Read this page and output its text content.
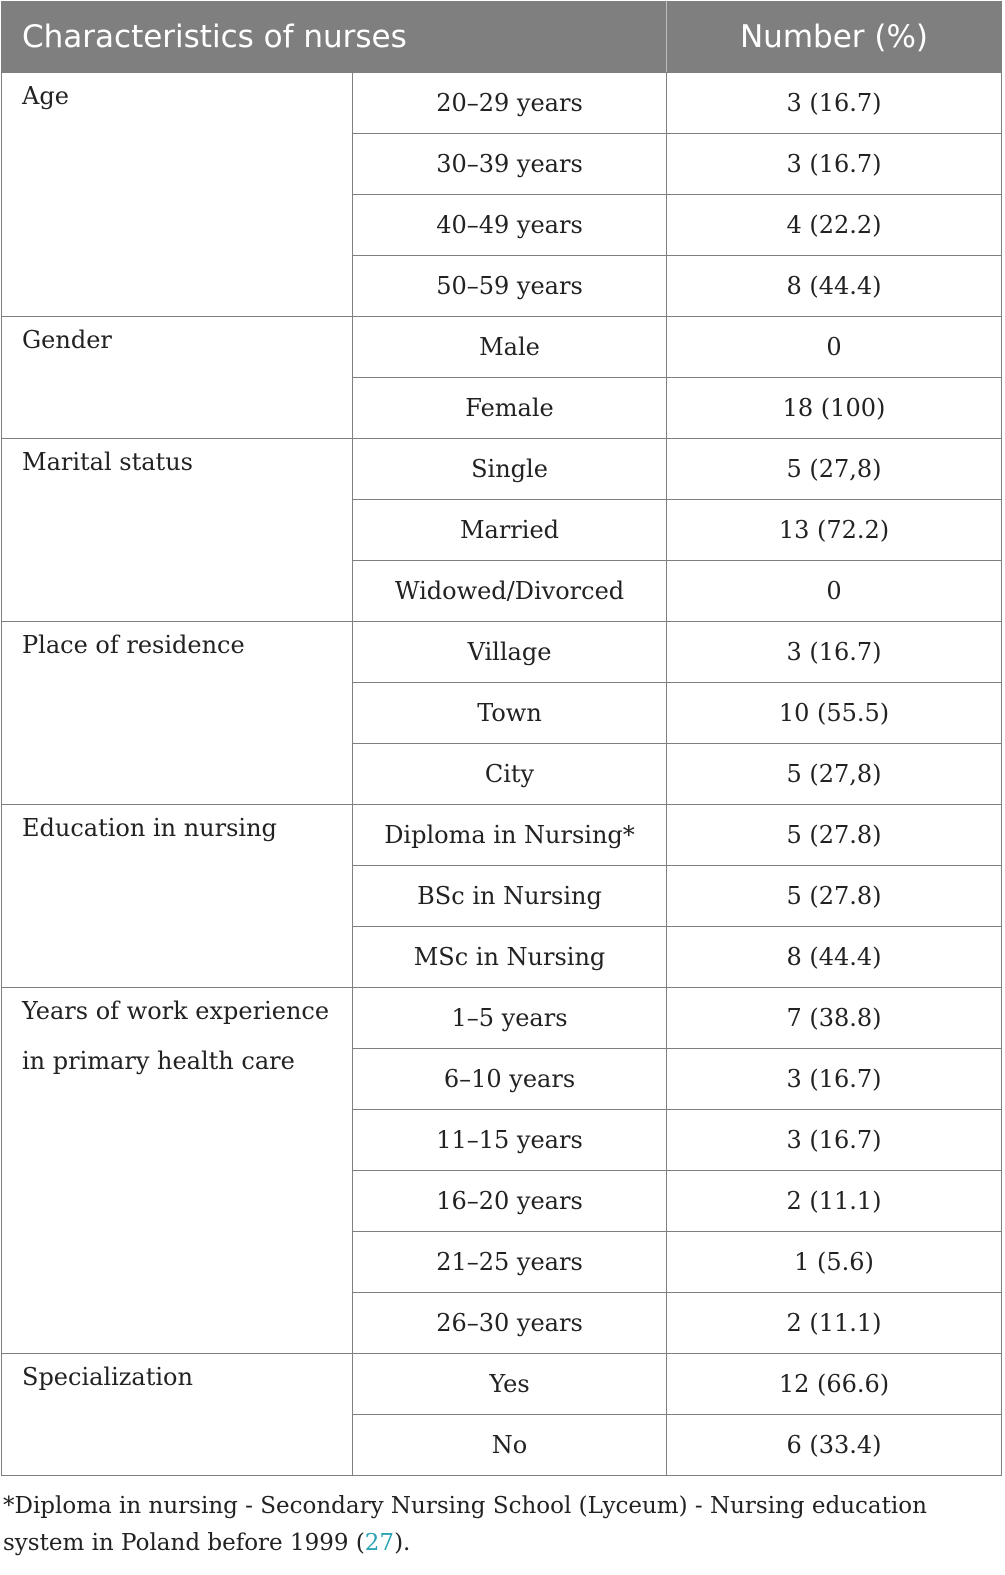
Characteristics of nurses		Number (%)

Age	20–29 years	3 (16.7)
	30–39 years	3 (16.7)
	40–49 years	4 (22.2)
	50–59 years	8 (44.4)

Gender	Male	0
	Female	18 (100)

Marital status	Single	5 (27,8)
	Married	13 (72.2)
	Widowed/Divorced	0

Place of residence	Village	3 (16.7)
	Town	10 (55.5)
	City	5 (27,8)

Education in nursing	Diploma in Nursing*	5 (27.8)
	BSc in Nursing	5 (27.8)
	MSc in Nursing	8 (44.4)

Years of work experience in primary health care	1–5 years	7 (38.8)
	6–10 years	3 (16.7)
	11–15 years	3 (16.7)
	16–20 years	2 (11.1)
	21–25 years	1 (5.6)
	26–30 years	2 (11.1)

Specialization	Yes	12 (66.6)
	No	6 (33.4)
*Diploma in nursing - Secondary Nursing School (Lyceum) - Nursing education system in Poland before 1999 (27).
